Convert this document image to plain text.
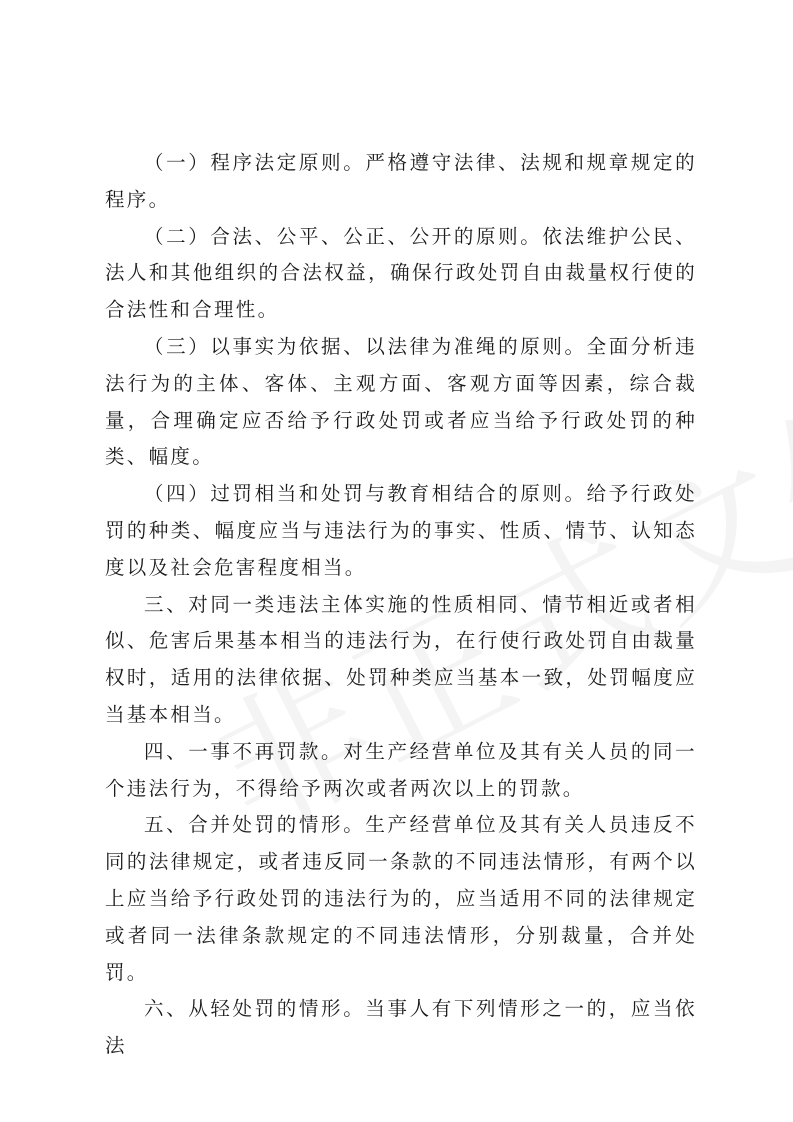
（一）程序法定原则。严格遵守法律、法规和规章规定的程序。

（二）合法、公平、公正、公开的原则。依法维护公民、法人和其他组织的合法权益，确保行政处罚自由裁量权行使的合法性和合理性。

（三）以事实为依据、以法律为准绳的原则。全面分析违法行为的主体、客体、主观方面、客观方面等因素，综合裁量，合理确定应否给予行政处罚或者应当给予行政处罚的种类、幅度。

（四）过罚相当和处罚与教育相结合的原则。给予行政处罚的种类、幅度应当与违法行为的事实、性质、情节、认知态度以及社会危害程度相当。

三、对同一类违法主体实施的性质相同、情节相近或者相似、危害后果基本相当的违法行为，在行使行政处罚自由裁量权时，适用的法律依据、处罚种类应当基本一致，处罚幅度应当基本相当。

四、一事不再罚款。对生产经营单位及其有关人员的同一个违法行为，不得给予两次或者两次以上的罚款。

五、合并处罚的情形。生产经营单位及其有关人员违反不同的法律规定，或者违反同一条款的不同违法情形，有两个以上应当给予行政处罚的违法行为的，应当适用不同的法律规定或者同一法律条款规定的不同违法情形，分别裁量，合并处罚。

六、从轻处罚的情形。当事人有下列情形之一的，应当依法
